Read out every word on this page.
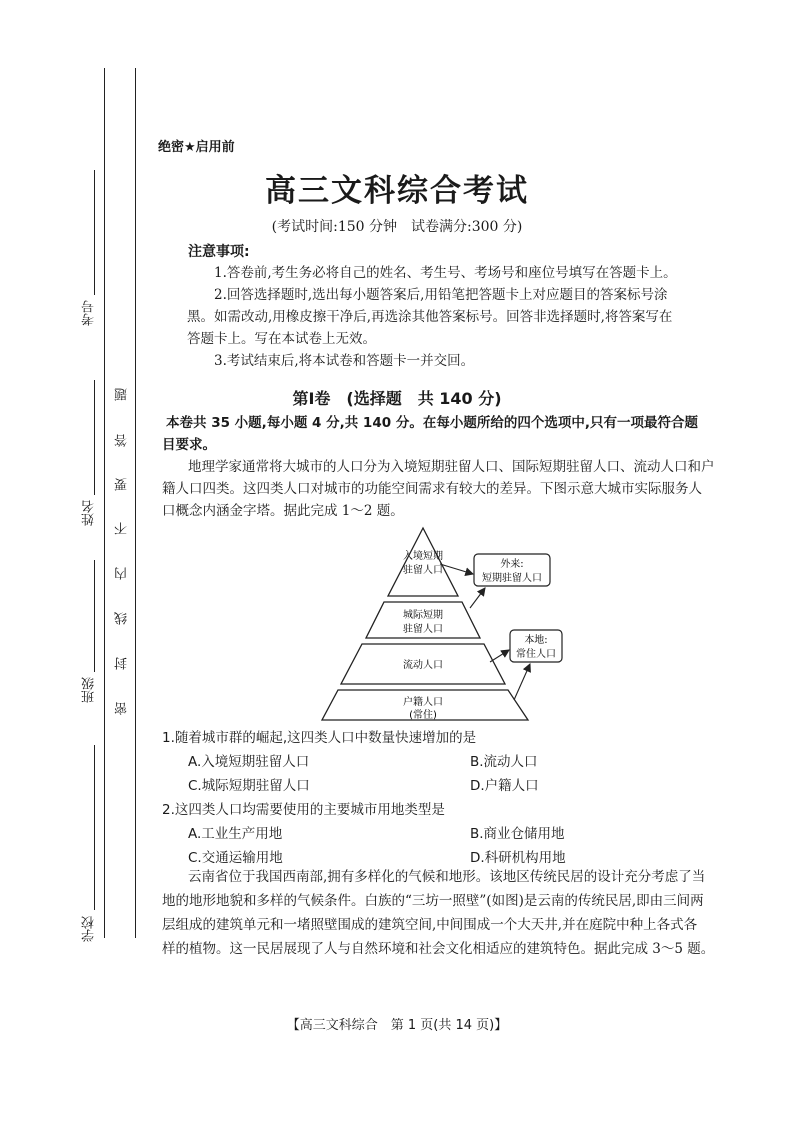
考号
姓名
班级
学校
题
答
要
不
内
线
封
密
绝密★启用前
高三文科综合考试
(考试时间:150 分钟　试卷满分:300 分)
注意事项:
1.答卷前,考生务必将自己的姓名、考生号、考场号和座位号填写在答题卡上。
2.回答选择题时,选出每小题答案后,用铅笔把答题卡上对应题目的答案标号涂
黑。如需改动,用橡皮擦干净后,再选涂其他答案标号。回答非选择题时,将答案写在
答题卡上。写在本试卷上无效。
3.考试结束后,将本试卷和答题卡一并交回。
第Ⅰ卷　(选择题　共 140 分)
本卷共 35 小题,每小题 4 分,共 140 分。在每小题所给的四个选项中,只有一项最符合题
目要求。
地理学家通常将大城市的人口分为入境短期驻留人口、国际短期驻留人口、流动人口和户
籍人口四类。这四类人口对城市的功能空间需求有较大的差异。下图示意大城市实际服务人
口概念内涵金字塔。据此完成 1～2 题。
入境短期
驻留人口
城际短期
驻留人口
流动人口
户籍人口
(常住)
外来:
短期驻留人口
本地:
常住人口
1.随着城市群的崛起,这四类人口中数量快速增加的是
A.入境短期驻留人口	B.流动人口
C.城际短期驻留人口	D.户籍人口
2.这四类人口均需要使用的主要城市用地类型是
A.工业生产用地	B.商业仓储用地
C.交通运输用地	D.科研机构用地
云南省位于我国西南部,拥有多样化的气候和地形。该地区传统民居的设计充分考虑了当
地的地形地貌和多样的气候条件。白族的“三坊一照壁”(如图)是云南的传统民居,即由三间两
层组成的建筑单元和一堵照壁围成的建筑空间,中间围成一个大天井,并在庭院中种上各式各
样的植物。这一民居展现了人与自然环境和社会文化相适应的建筑特色。据此完成 3～5 题。
【高三文科综合　第 1 页(共 14 页)】
